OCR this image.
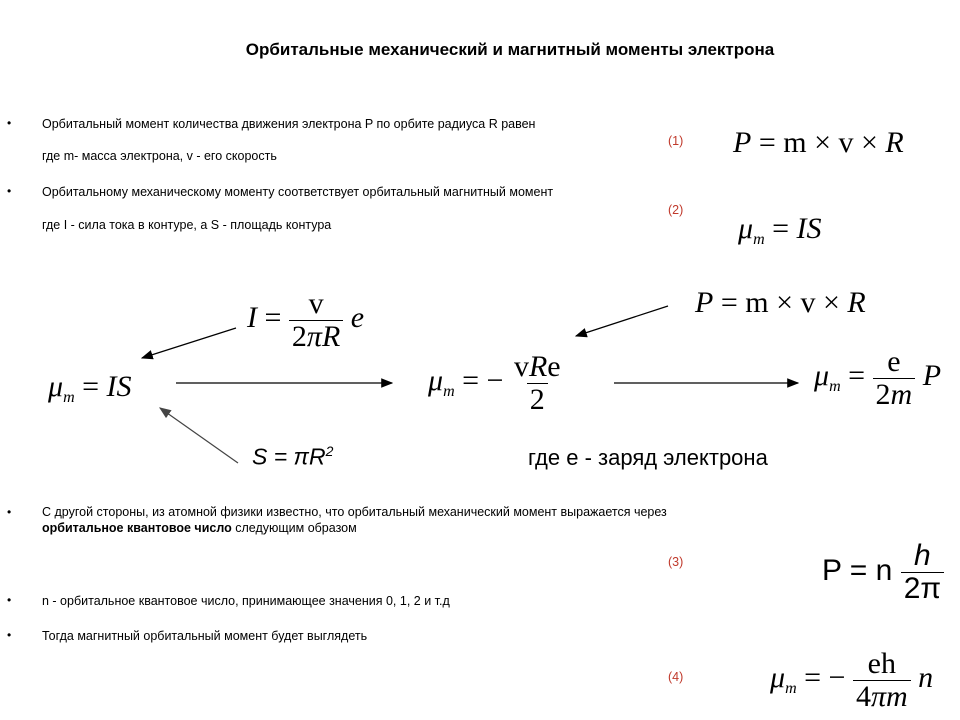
Орбитальные механический и магнитный моменты электрона
• Орбитальный момент количества движения электрона P по орбите радиуса R равен
где m- масса электрона, v - его скорость
(1) P = m × v × R
• Орбитальному механическому моменту соответствует орбитальный магнитный момент
где I - сила тока в контуре, а S - площадь контура
(2)
$\mu_m$ = IS
$I = \frac{v}{2\pi R}$ e	P = m × v × R
$\mu_m$ = IS	$\mu_m$ = − $\frac{\text{vRe}}{2}$	$\mu_m = \frac{e}{2m}$ P
$S = \pi R^2$	где e - заряд электрона
• С другой стороны, из атомной физики известно, что орбитальный механический момент выражается через
орбитальное квантовое число следующим образом
(3)	P = n $\frac{h}{2\pi}$
• n - орбитальное квантовое число, принимающее значения 0, 1, 2 и т.д
• Тогда магнитный орбитальный момент будет выглядеть
(4)	$\mu_m$ = − $\frac{eh}{4\pi m}$ n
